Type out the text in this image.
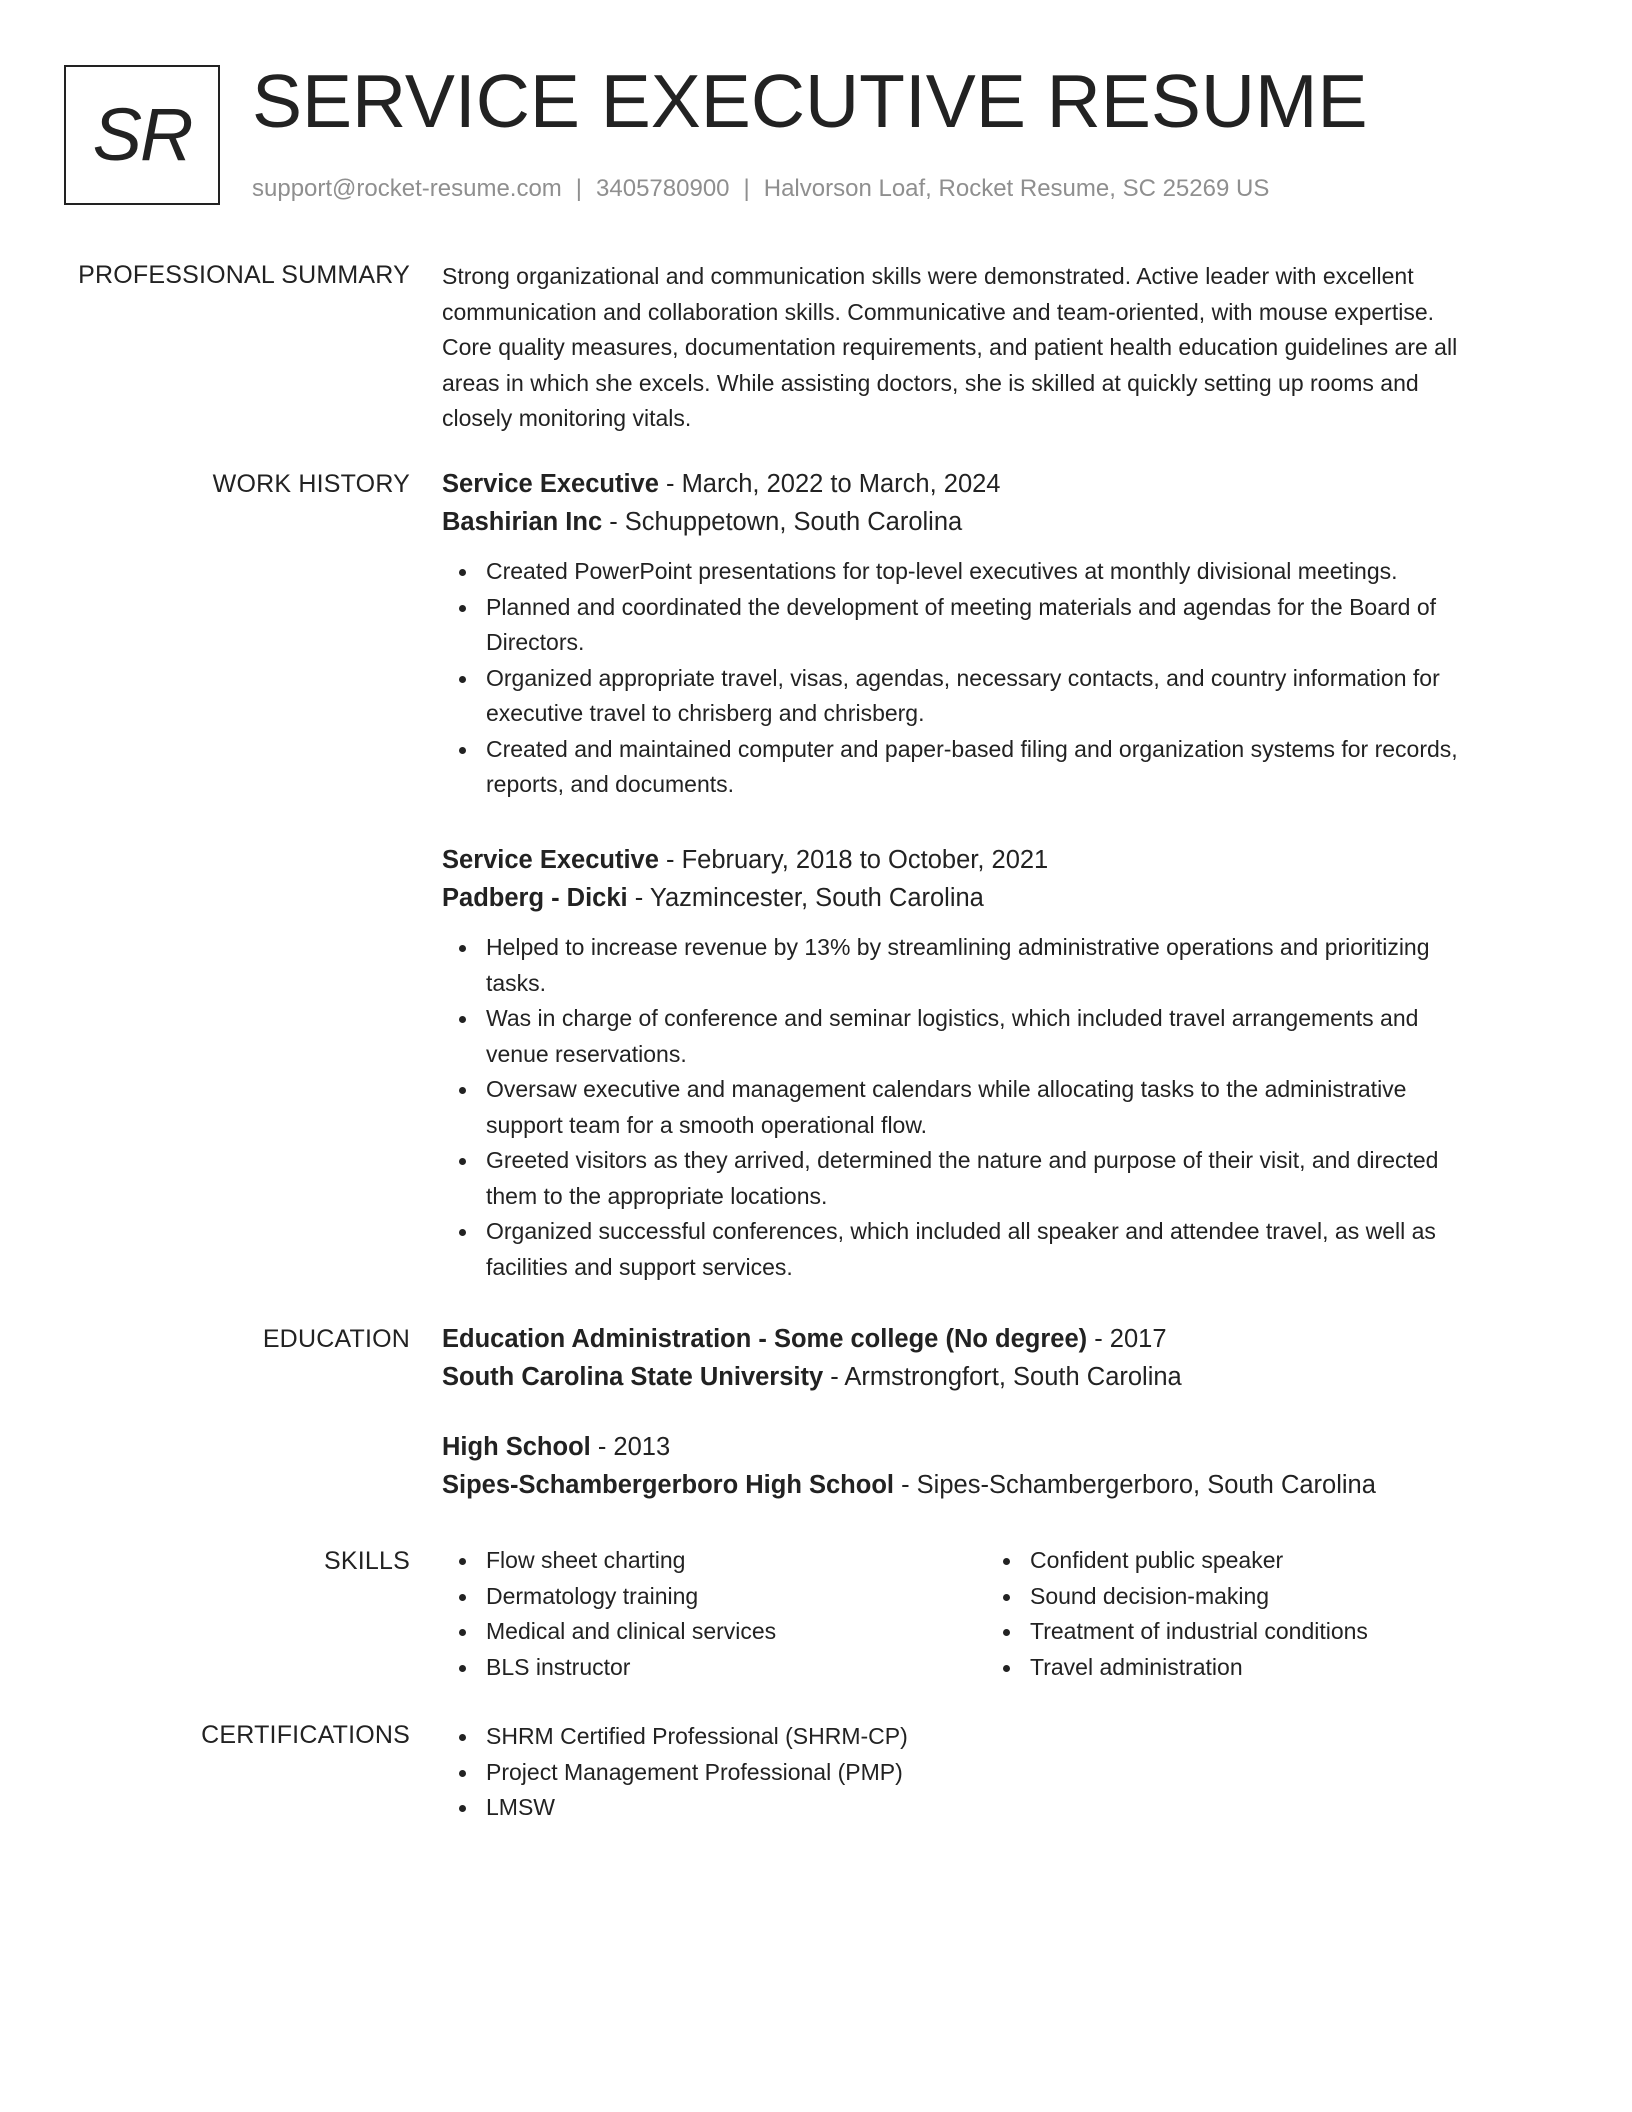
SR SERVICE EXECUTIVE RESUME
support@rocket-resume.com | 3405780900 | Halvorson Loaf, Rocket Resume, SC 25269 US
PROFESSIONAL SUMMARY Strong organizational and communication skills were demonstrated. Active leader with excellent

communication and collaboration skills. Communicative and team-oriented, with mouse expertise.

Core quality measures, documentation requirements, and patient health education guidelines are all

areas in which she excels. While assisting doctors, she is skilled at quickly setting up rooms and

closely monitoring vitals.

WORK HISTORY Service Executive - March, 2022 to March, 2024

Bashirian Inc - Schuppetown, South Carolina

Created PowerPoint presentations for top-level executives at monthly divisional meetings.
Planned and coordinated the development of meeting materials and agendas for the Board of
Directors.
Organized appropriate travel, visas, agendas, necessary contacts, and country information for
executive travel to chrisberg and chrisberg.
Created and maintained computer and paper-based filing and organization systems for records,
reports, and documents.

Service Executive - February, 2018 to October, 2021

Padberg - Dicki - Yazmincester, South Carolina

Helped to increase revenue by 13% by streamlining administrative operations and prioritizing
tasks.
Was in charge of conference and seminar logistics, which included travel arrangements and
venue reservations.
Oversaw executive and management calendars while allocating tasks to the administrative
support team for a smooth operational flow.
Greeted visitors as they arrived, determined the nature and purpose of their visit, and directed
them to the appropriate locations.
Organized successful conferences, which included all speaker and attendee travel, as well as
facilities and support services.
EDUCATION Education Administration - Some college (No degree) - 2017

South Carolina State University - Armstrongfort, South Carolina

High School - 2013

Sipes-Schambergerboro High School - Sipes-Schambergerboro, South Carolina

SKILLS	Flow sheet charting
Dermatology training
Medical and clinical services
BLS instructor
Confident public speaker
Sound decision-making
Treatment of industrial conditions
Travel administration
CERTIFICATIONS	SHRM Certified Professional (SHRM-CP)
Project Management Professional (PMP)
LMSW
